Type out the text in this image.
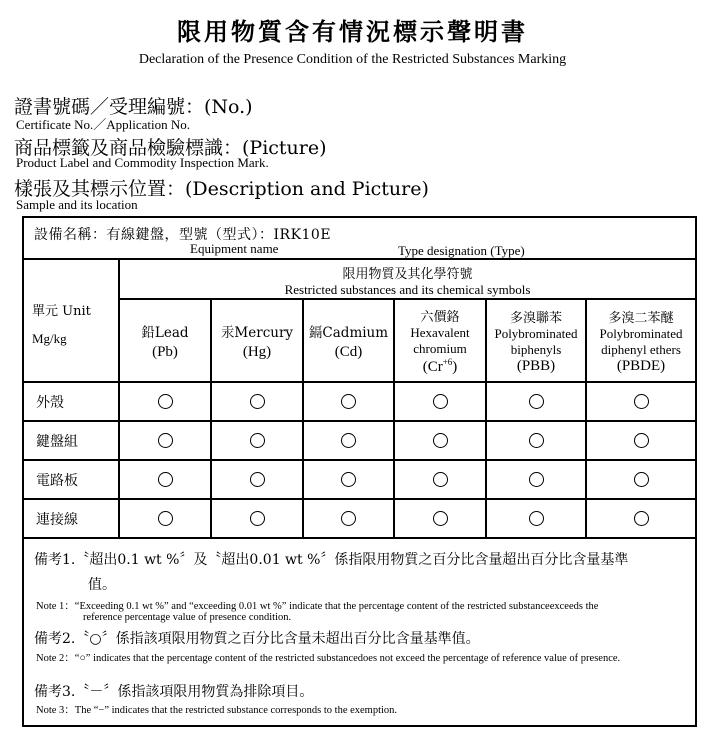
限用物質含有情況標示聲明書
Declaration of the Presence Condition of the Restricted Substances Marking
證書號碼／受理編號：(No.)
Certificate No.／Application No.
商品標籤及商品檢驗標識：(Picture)
Product Label and Commodity Inspection Mark.
樣張及其標示位置：(Description and Picture)
Sample and its location
設備名稱：有線鍵盤，型號（型式）：IRK10E
Equipment name	Type designation (Type)
單元 Unit
Mg/kg
限用物質及其化學符號
Restricted substances and its chemical symbols
鉛Lead
(Pb)
汞Mercury
(Hg)
鎘Cadmium
(Cd)
六價鉻
Hexavalent
chromium
$(Cr^{+6})$
多溴聯苯
Polybrominated
biphenyls
(PBB)
多溴二苯醚
Polybrominated
diphenyl ethers
(PBDE)
外殼
鍵盤組
電路板
連接線
備考1.〝超出0.1 wt %〞及〝超出0.01 wt %〞係指限用物質之百分比含量超出百分比含量基準
值。
Note 1：“Exceeding 0.1 wt %” and “exceeding 0.01 wt %” indicate that the percentage content of the restricted substanceexceeds the
reference percentage value of presence condition.
備考2.〝○〞係指該項限用物質之百分比含量未超出百分比含量基準值。
Note 2：“○” indicates that the percentage content of the restricted substancedoes not exceed the percentage of reference value of presence.
備考3.〝－〞係指該項限用物質為排除項目。
Note 3：The “−” indicates that the restricted substance corresponds to the exemption.
